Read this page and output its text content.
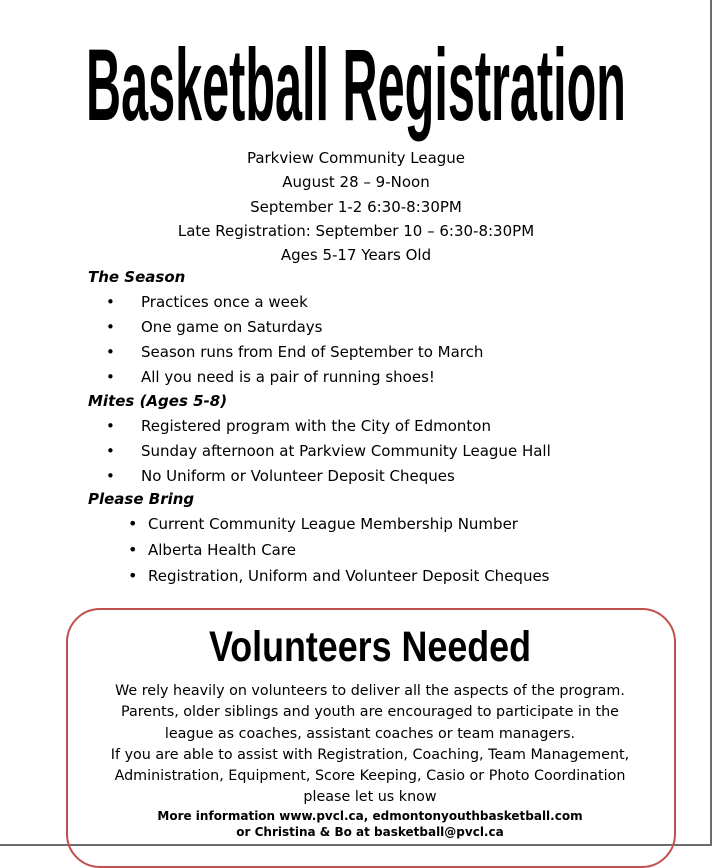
Basketball Registration
Parkview Community League
August 28 – 9-Noon
September 1-2 6:30-8:30PM
Late Registration: September 10 – 6:30-8:30PM
Ages 5-17 Years Old
The Season
• Practices once a week
• One game on Saturdays
• Season runs from End of September to March
• All you need is a pair of running shoes!
Mites (Ages 5-8)
• Registered program with the City of Edmonton
• Sunday afternoon at Parkview Community League Hall
• No Uniform or Volunteer Deposit Cheques
Please Bring
• Current Community League Membership Number
• Alberta Health Care
• Registration, Uniform and Volunteer Deposit Cheques
Volunteers Needed
We rely heavily on volunteers to deliver all the aspects of the program.
Parents, older siblings and youth are encouraged to participate in the
league as coaches, assistant coaches or team managers.
If you are able to assist with Registration, Coaching, Team Management,
Administration, Equipment, Score Keeping, Casio or Photo Coordination
please let us know
More information www.pvcl.ca, edmontonyouthbasketball.com
or Christina & Bo at basketball@pvcl.ca
